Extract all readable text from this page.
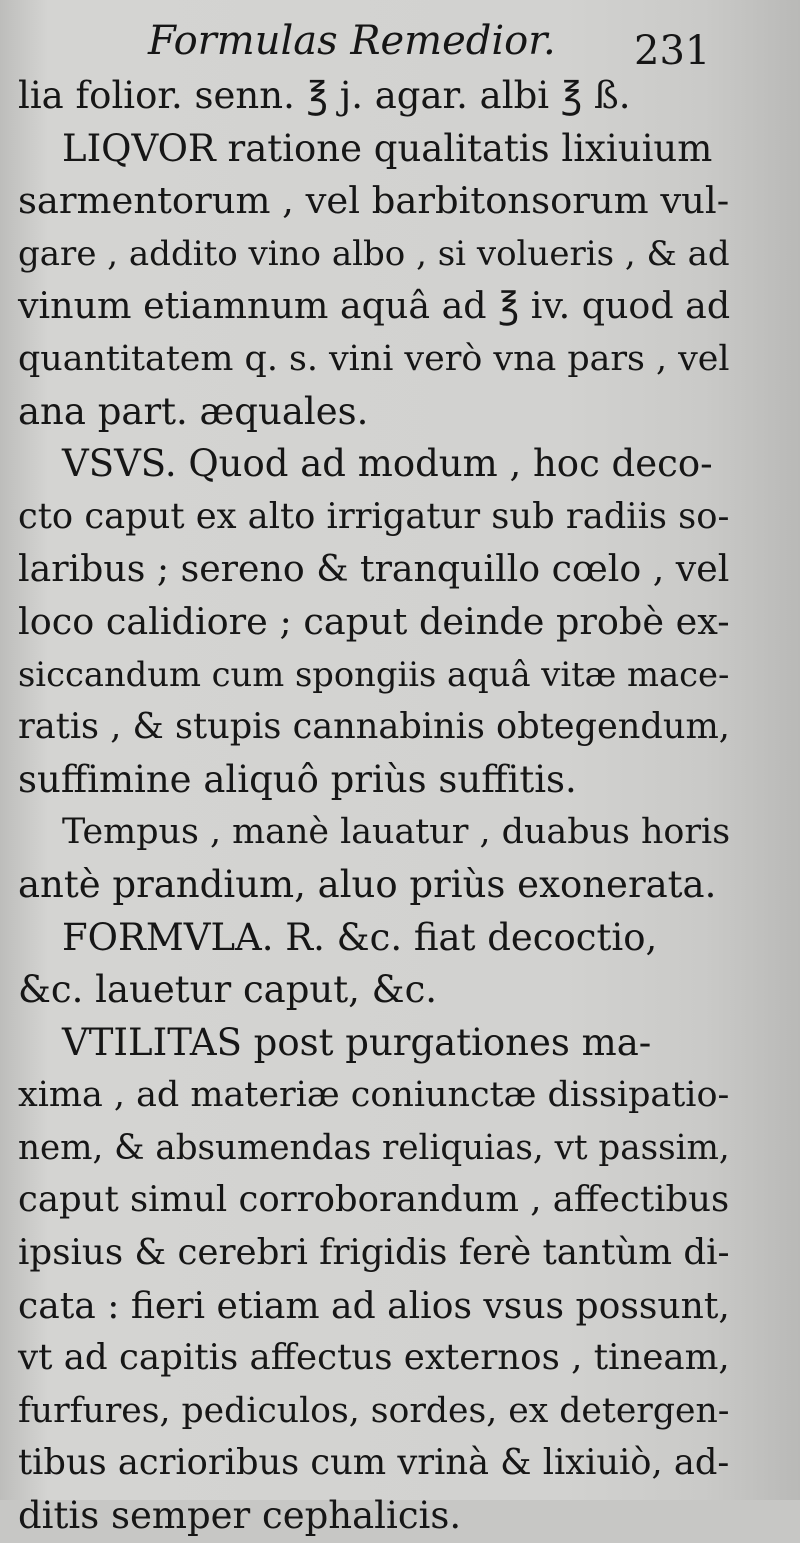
Formulas Remedior. 231
lia folior. senn. ℥ j. agar. albi ℥ ß.
LIQVOR ratione qualitatis lixiuium
sarmentorum , vel barbitonsorum vul-
gare , addito vino albo , si volueris , & ad
vinum etiamnum aquâ ad ℥ iv. quod ad
quantitatem q. s. vini verò vna pars , vel
ana part. æquales.
VSVS. Quod ad modum , hoc deco-
cto caput ex alto irrigatur sub radiis so-
laribus ; sereno & tranquillo cœlo , vel
loco calidiore ; caput deinde probè ex-
siccandum cum spongiis aquâ vitæ mace-
ratis , & stupis cannabinis obtegendum,
suffimine aliquô priùs suffitis.
Tempus , manè lauatur , duabus horis
antè prandium, aluo priùs exonerata.
FORMVLA. R. &c. fiat decoctio,
&c. lauetur caput, &c.
VTILITAS post purgationes ma-
xima , ad materiæ coniunctæ dissipatio-
nem, & absumendas reliquias, vt passim,
caput simul corroborandum , affectibus
ipsius & cerebri frigidis ferè tantùm di-
cata : fieri etiam ad alios vsus possunt,
vt ad capitis affectus externos , tineam,
furfures, pediculos, sordes, ex detergen-
tibus acrioribus cum vrinà & lixiuiò, ad-
ditis semper cephalicis.
